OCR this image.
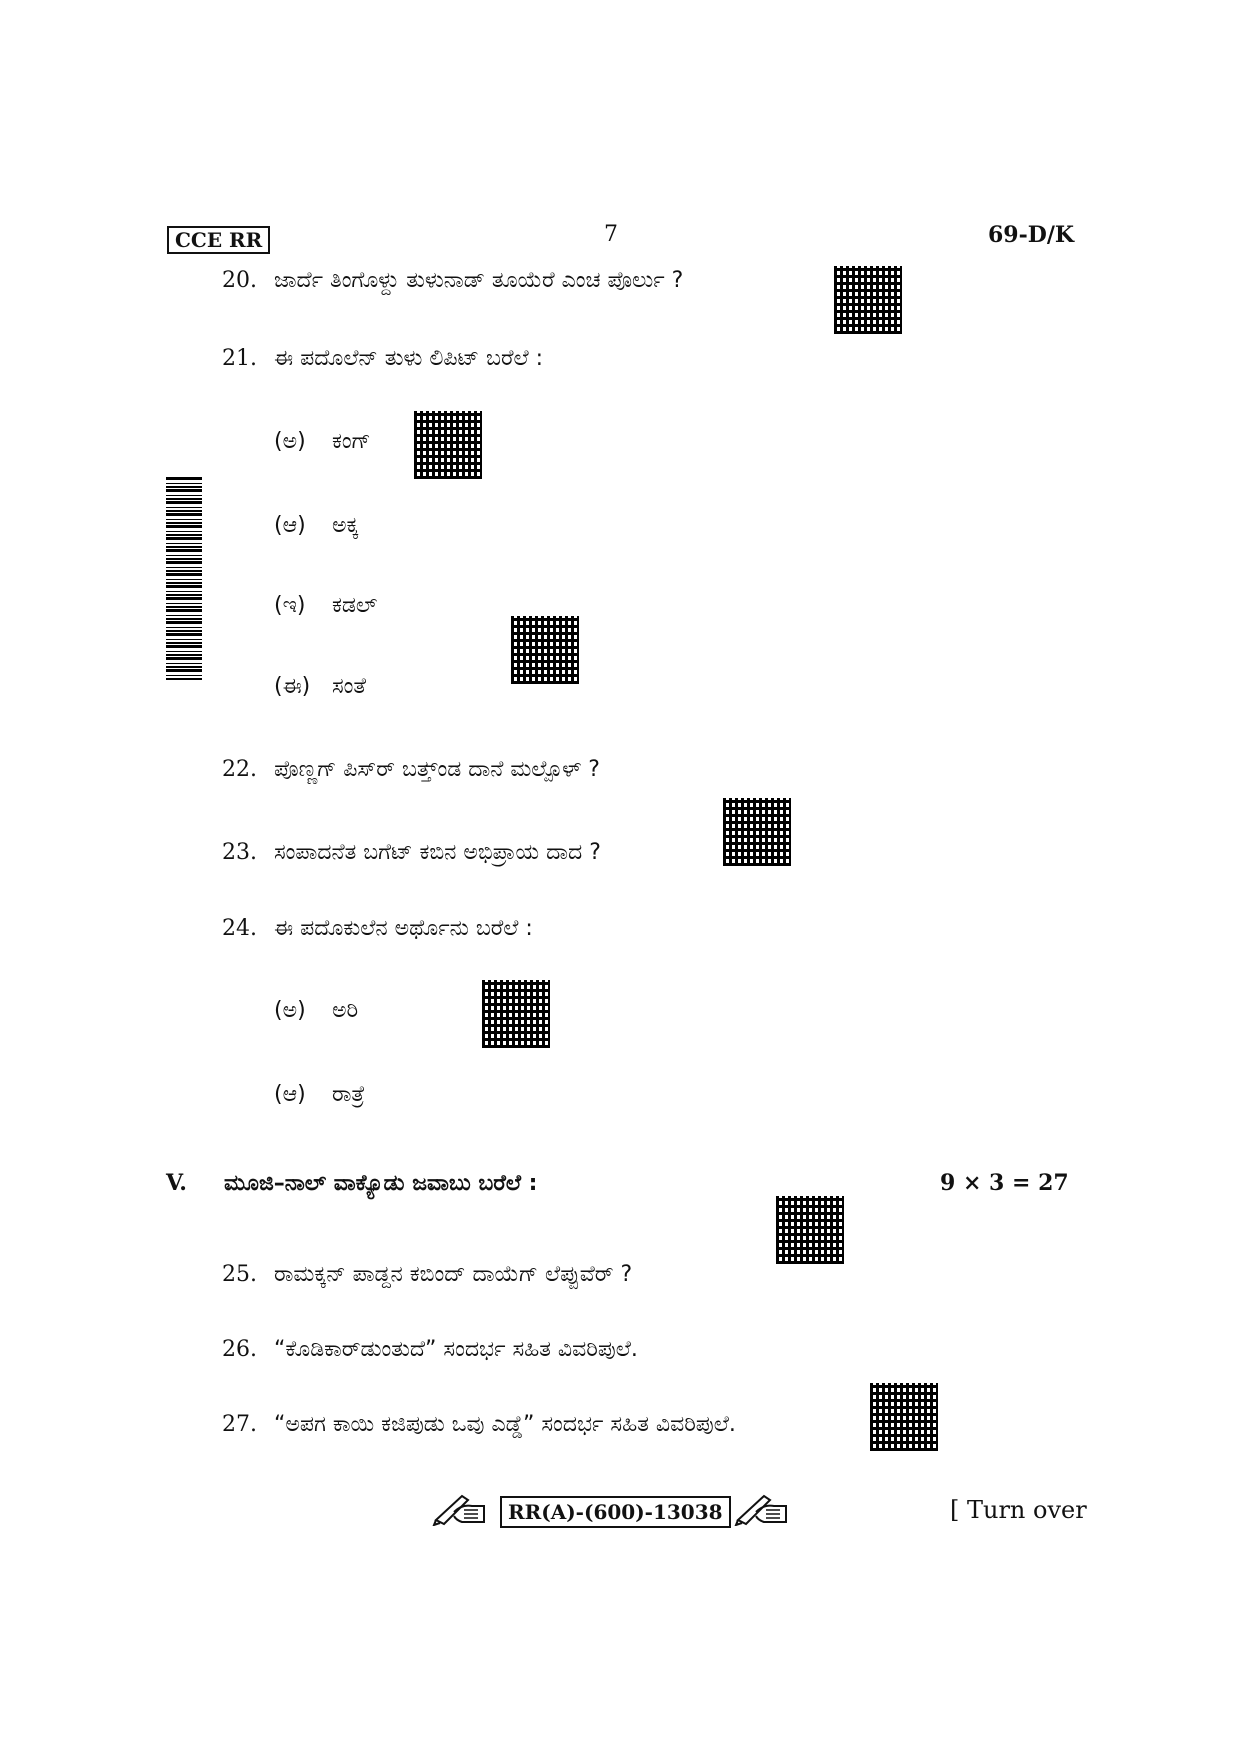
CCE RR	7	69-D/K
20. ಜಾರ್ದೆ ತಿಂಗೊಳ್ದು ತುಳುನಾಡ್ ತೂಯೆರೆ ಎಂಚ ಪೊರ್ಲು ?
21. ಈ ಪದೊಲೆನ್ ತುಳು ಲಿಪಿಟ್ ಬರೆಲೆ :
(ಅ) ಕಂಗ್
(ಆ) ಅಕ್ಕ
(ಇ) ಕಡಲ್
(ಈ) ಸಂತೆ
22. ಪೊಣ್ಣಗ್ ಪಿಸ್‌ರ್ ಬತ್ತ್ಂಡ ದಾನೆ ಮಲ್ಪೊಳ್ ?
23. ಸಂಪಾದನೆತ ಬಗೆಟ್ ಕಬಿನ ಅಭಿಪ್ರಾಯ ದಾದ ?
24. ಈ ಪದೊಕುಲೆನ ಅರ್ಥೊನು ಬರೆಲೆ :
(ಅ) ಅರಿ
(ಆ) ರಾತ್ರೆ
V. ಮೂಜಿ–ನಾಲ್ ವಾಕ್ಯೊಡು ಜವಾಬು ಬರೆಲೆ :	9 × 3 = 27
25. ರಾಮಕ್ಕನ್ ಪಾಡ್ದನ ಕಬಿಂದ್ ದಾಯೆಗ್ ಲೆಪ್ಪುವೆರ್ ?
26. “ಕೊಡಿಕಾರ್‌ಡುಂತುದೆ” ಸಂದರ್ಭ ಸಹಿತ ವಿವರಿಪುಲೆ.
27. “ಅಪಗ ಕಾಯಿ ಕಜಿಪುಡು ಒವು ಎಡ್ಡೆ” ಸಂದರ್ಭ ಸಹಿತ ವಿವರಿಪುಲೆ.
RR(A)-(600)-13038	[ Turn over
